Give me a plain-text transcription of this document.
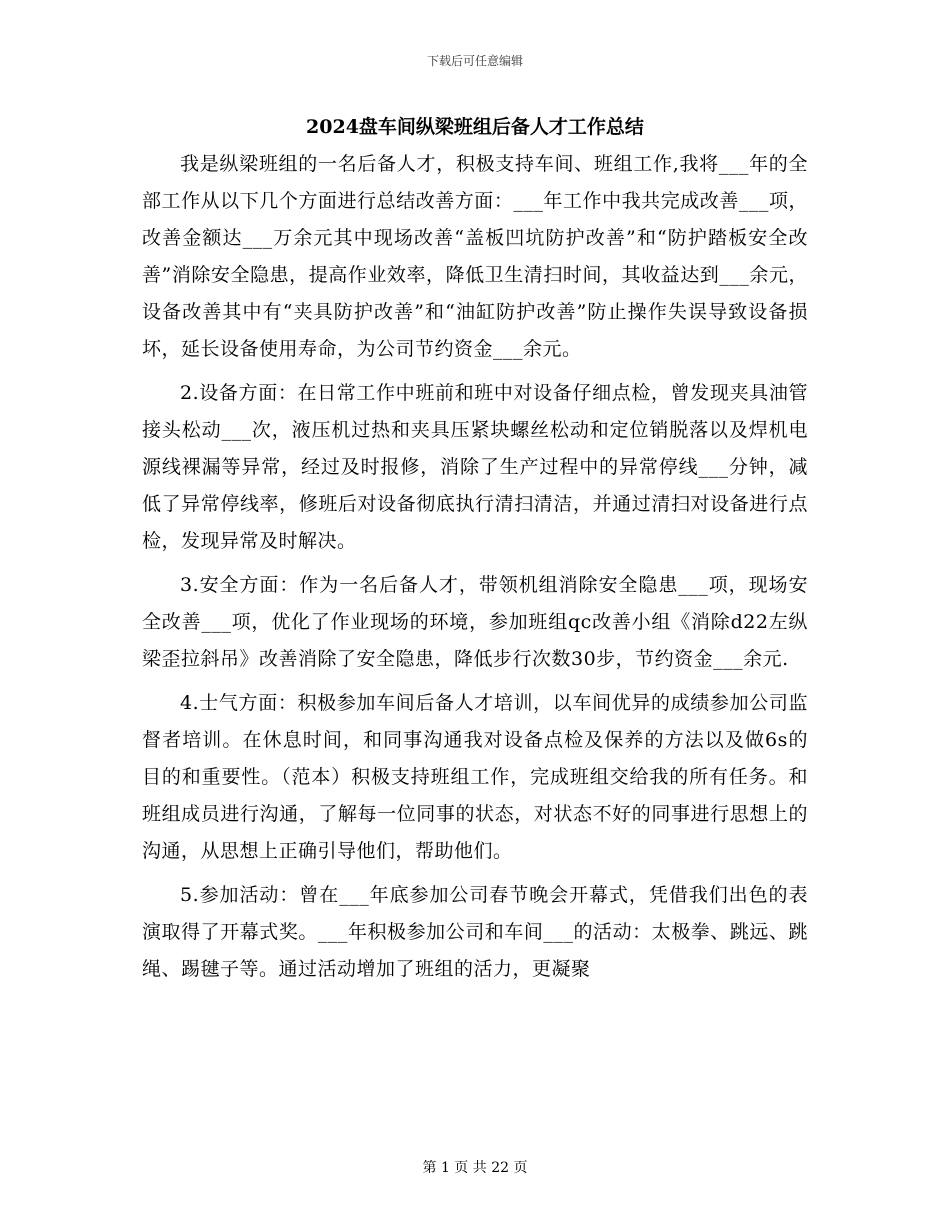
下载后可任意编辑
2024盘车间纵梁班组后备人才工作总结

我是纵梁班组的一名后备人才，积极支持车间、班组工作,我将___年的全部工作从以下几个方面进行总结改善方面：___年工作中我共完成改善___项，改善金额达___万余元其中现场改善“盖板凹坑防护改善”和“防护踏板安全改善”消除安全隐患，提高作业效率，降低卫生清扫时间，其收益达到___余元，设备改善其中有“夹具防护改善”和“油缸防护改善”防止操作失误导致设备损坏，延长设备使用寿命，为公司节约资金___余元。

2.设备方面：在日常工作中班前和班中对设备仔细点检，曾发现夹具油管接头松动___次，液压机过热和夹具压紧块螺丝松动和定位销脱落以及焊机电源线裸漏等异常，经过及时报修，消除了生产过程中的异常停线___分钟，减低了异常停线率，修班后对设备彻底执行清扫清洁，并通过清扫对设备进行点检，发现异常及时解决。

3.安全方面：作为一名后备人才，带领机组消除安全隐患___项，现场安全改善___项，优化了作业现场的环境，参加班组qc改善小组《消除d22左纵梁歪拉斜吊》改善消除了安全隐患，降低步行次数30步，节约资金___余元.

4.士气方面：积极参加车间后备人才培训，以车间优异的成绩参加公司监督者培训。在休息时间，和同事沟通我对设备点检及保养的方法以及做6s的目的和重要性。（范本）积极支持班组工作，完成班组交给我的所有任务。和班组成员进行沟通，了解每一位同事的状态，对状态不好的同事进行思想上的沟通，从思想上正确引导他们，帮助他们。

5.参加活动：曾在___年底参加公司春节晚会开幕式，凭借我们出色的表演取得了开幕式奖。___年积极参加公司和车间___的活动：太极拳、跳远、跳绳、踢毽子等。通过活动增加了班组的活力，更凝聚

第 1 页 共 22 页
